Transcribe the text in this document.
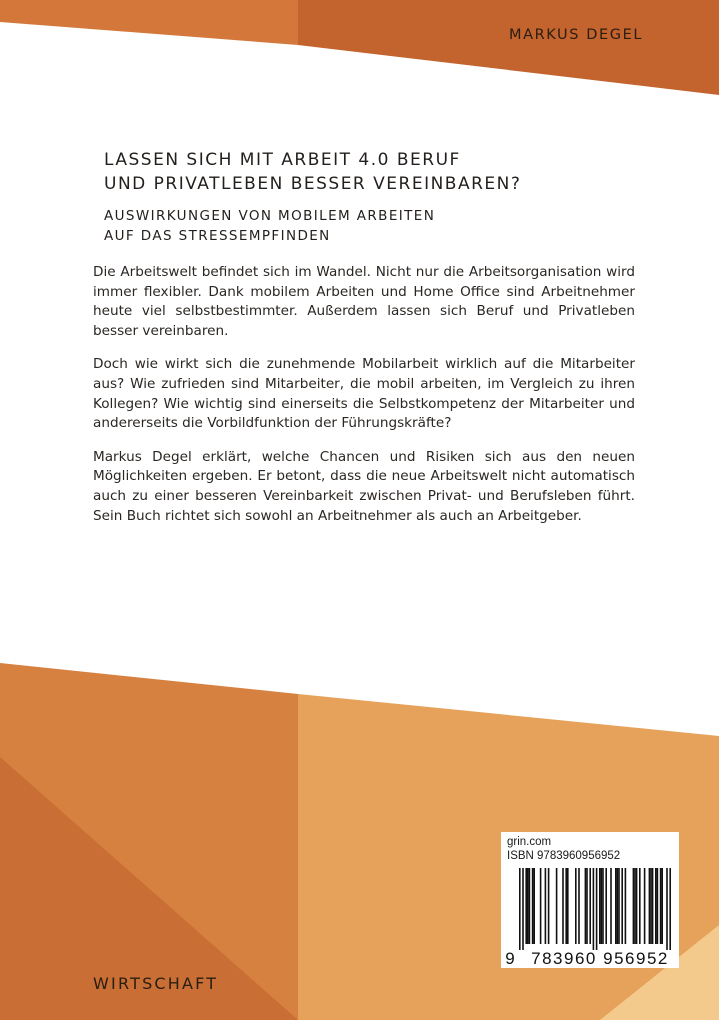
MARKUS DEGEL
LASSEN SICH MIT ARBEIT 4.0 BERUF
UND PRIVATLEBEN BESSER VEREINBAREN?
AUSWIRKUNGEN VON MOBILEM ARBEITEN
AUF DAS STRESSEMPFINDEN

Die Arbeitswelt befindet sich im Wandel. Nicht nur die Arbeitsorganisation wird immer flexibler. Dank mobilem Arbeiten und Home Office sind Arbeitnehmer heute viel selbstbestimmter. Außerdem lassen sich Beruf und Privatleben besser vereinbaren.

Doch wie wirkt sich die zunehmende Mobilarbeit wirklich auf die Mitarbeiter aus? Wie zufrieden sind Mitarbeiter, die mobil arbeiten, im Vergleich zu ihren Kollegen? Wie wichtig sind einerseits die Selbstkompetenz der Mitarbeiter und andererseits die Vorbildfunktion der Führungskräfte?

Markus Degel erklärt, welche Chancen und Risiken sich aus den neuen Möglichkeiten ergeben. Er betont, dass die neue Arbeitswelt nicht automatisch auch zu einer besseren Vereinbarkeit zwischen Privat- und Berufsleben führt. Sein Buch richtet sich sowohl an Arbeitnehmer als auch an Arbeitgeber.

WIRTSCHAFT
grin.com
ISBN 9783960956952
9 783960 956952
